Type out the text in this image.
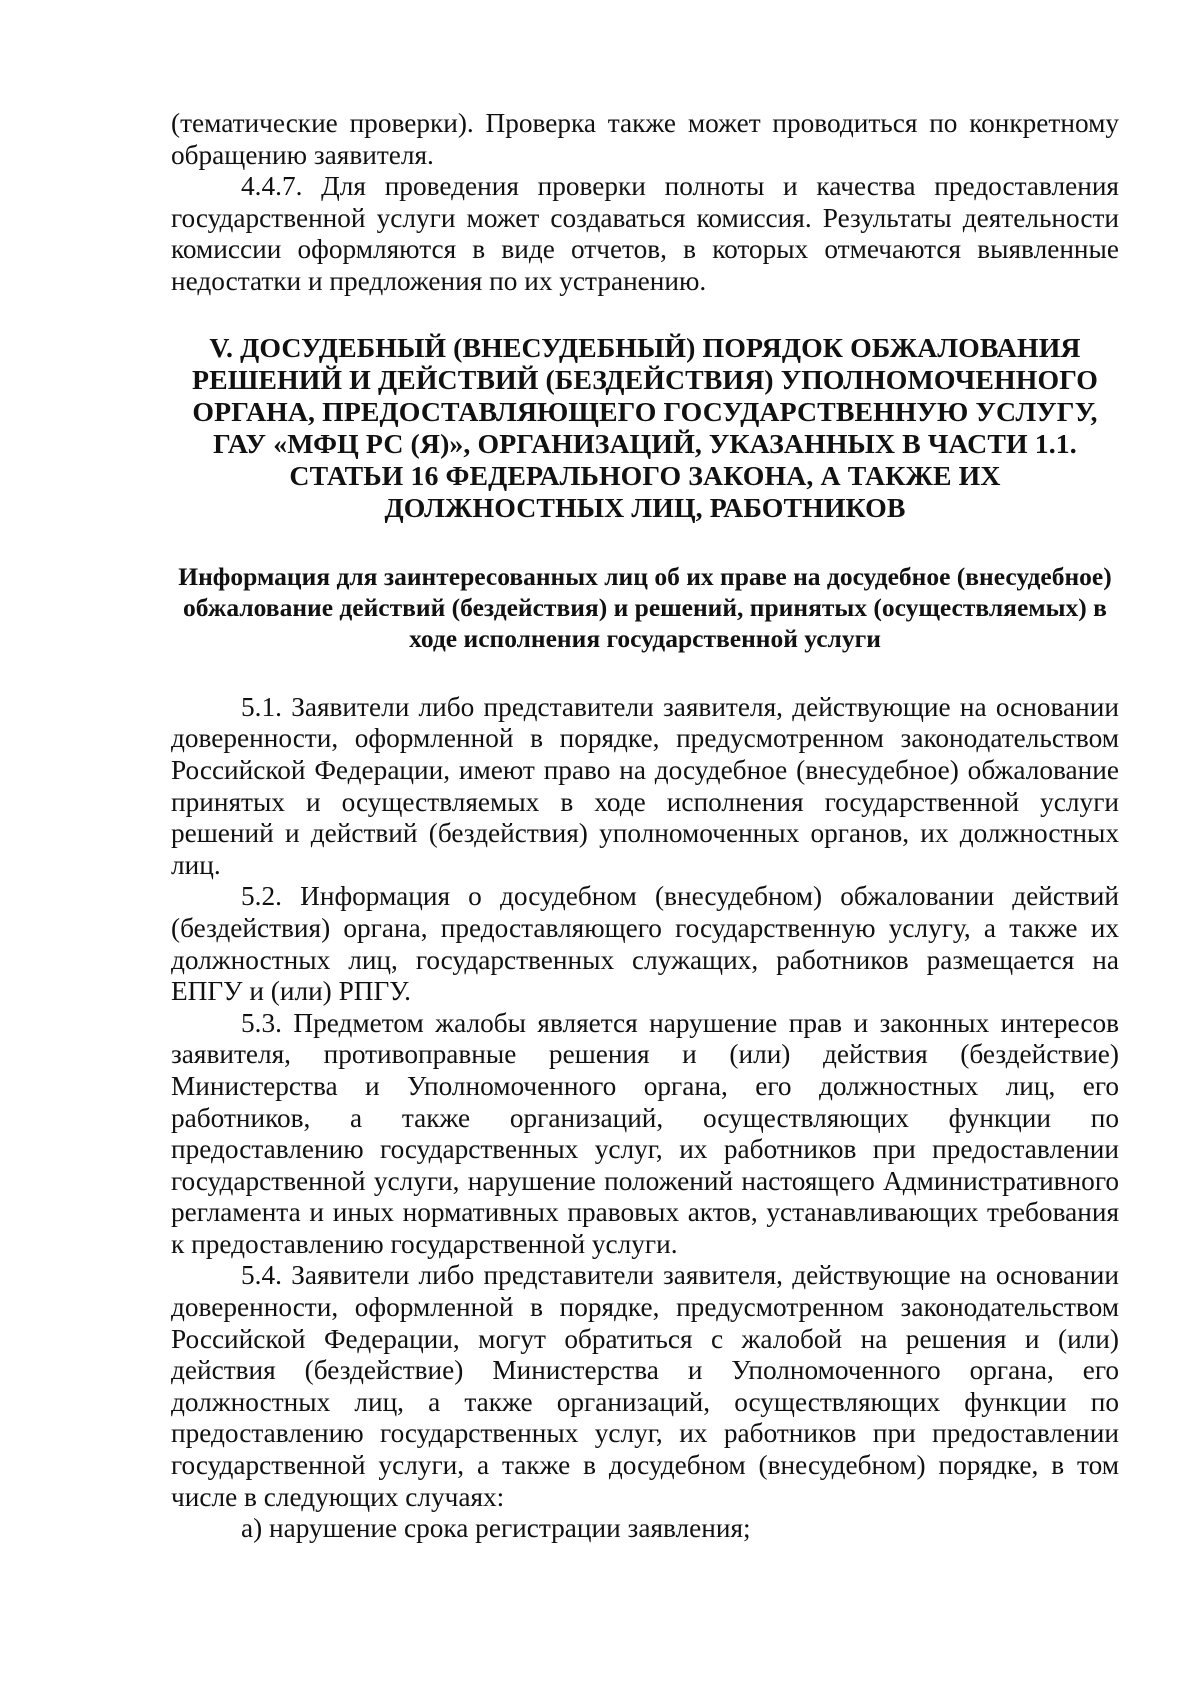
(тематические проверки). Проверка также может проводиться по конкретному обращению заявителя.

4.4.7. Для проведения проверки полноты и качества предоставления государственной услуги может создаваться комиссия. Результаты деятельности комиссии оформляются в виде отчетов, в которых отмечаются выявленные недостатки и предложения по их устранению.

V. ДОСУДЕБНЫЙ (ВНЕСУДЕБНЫЙ) ПОРЯДОК ОБЖАЛОВАНИЯ РЕШЕНИЙ И ДЕЙСТВИЙ (БЕЗДЕЙСТВИЯ) УПОЛНОМОЧЕННОГО ОРГАНА, ПРЕДОСТАВЛЯЮЩЕГО ГОСУДАРСТВЕННУЮ УСЛУГУ, ГАУ «МФЦ РС (Я)», ОРГАНИЗАЦИЙ, УКАЗАННЫХ В ЧАСТИ 1.1. СТАТЬИ 16 ФЕДЕРАЛЬНОГО ЗАКОНА, А ТАКЖЕ ИХ ДОЛЖНОСТНЫХ ЛИЦ, РАБОТНИКОВ
Информация для заинтересованных лиц об их праве на досудебное (внесудебное) обжалование действий (бездействия) и решений, принятых (осуществляемых) в ходе исполнения государственной услуги

5.1. Заявители либо представители заявителя, действующие на основании доверенности, оформленной в порядке, предусмотренном законодательством Российской Федерации, имеют право на досудебное (внесудебное) обжалование принятых и осуществляемых в ходе исполнения государственной услуги решений и действий (бездействия) уполномоченных органов, их должностных лиц.

5.2. Информация о досудебном (внесудебном) обжаловании действий (бездействия) органа, предоставляющего государственную услугу, а также их должностных лиц, государственных служащих, работников размещается на ЕПГУ и (или) РПГУ.

5.3. Предметом жалобы является нарушение прав и законных интересов заявителя, противоправные решения и (или) действия (бездействие) Министерства и Уполномоченного органа, его должностных лиц, его работников, а также организаций, осуществляющих функции по предоставлению государственных услуг, их работников при предоставлении государственной услуги, нарушение положений настоящего Административного регламента и иных нормативных правовых актов, устанавливающих требования к предоставлению государственной услуги.

5.4. Заявители либо представители заявителя, действующие на основании доверенности, оформленной в порядке, предусмотренном законодательством Российской Федерации, могут обратиться с жалобой на решения и (или) действия (бездействие) Министерства и Уполномоченного органа, его должностных лиц, а также организаций, осуществляющих функции по предоставлению государственных услуг, их работников при предоставлении государственной услуги, а также в досудебном (внесудебном) порядке, в том числе в следующих случаях:

а) нарушение срока регистрации заявления;
